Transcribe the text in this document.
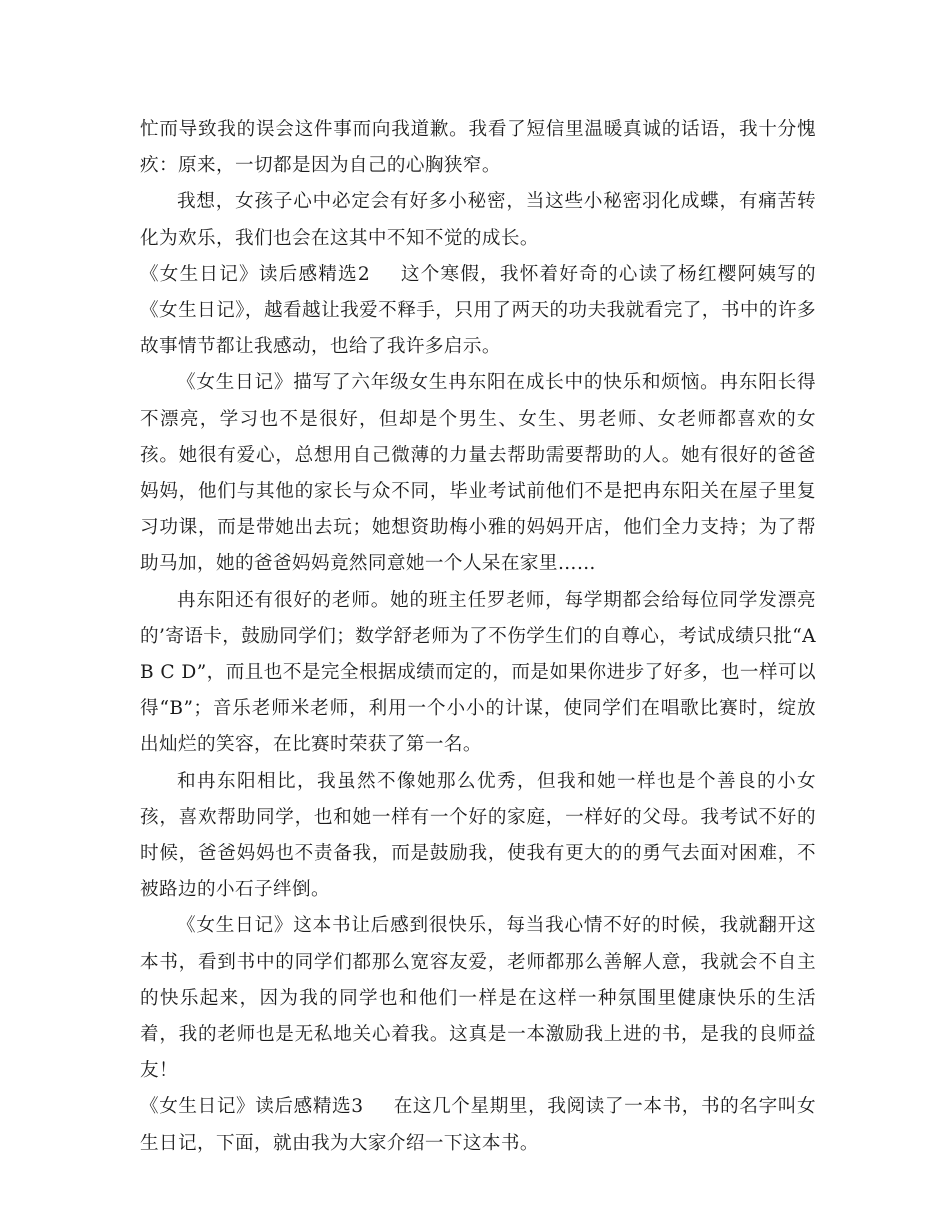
忙而导致我的误会这件事而向我道歉。我看了短信里温暖真诚的话语，我十分愧疚：原来，一切都是因为自己的心胸狭窄。

我想，女孩子心中必定会有好多小秘密，当这些小秘密羽化成蝶，有痛苦转化为欢乐，我们也会在这其中不知不觉的成长。

《女生日记》读后感精选2 这个寒假，我怀着好奇的心读了杨红樱阿姨写的《女生日记》，越看越让我爱不释手，只用了两天的功夫我就看完了，书中的许多故事情节都让我感动，也给了我许多启示。

《女生日记》描写了六年级女生冉东阳在成长中的快乐和烦恼。冉东阳长得不漂亮，学习也不是很好，但却是个男生、女生、男老师、女老师都喜欢的女孩。她很有爱心，总想用自己微薄的力量去帮助需要帮助的人。她有很好的爸爸妈妈，他们与其他的家长与众不同，毕业考试前他们不是把冉东阳关在屋子里复习功课，而是带她出去玩；她想资助梅小雅的妈妈开店，他们全力支持；为了帮助马加，她的爸爸妈妈竟然同意她一个人呆在家里……

冉东阳还有很好的老师。她的班主任罗老师，每学期都会给每位同学发漂亮的’寄语卡，鼓励同学们；数学舒老师为了不伤学生们的自尊心，考试成绩只批“A B C D”，而且也不是完全根据成绩而定的，而是如果你进步了好多，也一样可以得“B”；音乐老师米老师，利用一个小小的计谋，使同学们在唱歌比赛时，绽放出灿烂的笑容，在比赛时荣获了第一名。

和冉东阳相比，我虽然不像她那么优秀，但我和她一样也是个善良的小女孩，喜欢帮助同学，也和她一样有一个好的家庭，一样好的父母。我考试不好的时候，爸爸妈妈也不责备我，而是鼓励我，使我有更大的的勇气去面对困难，不被路边的小石子绊倒。

《女生日记》这本书让后感到很快乐，每当我心情不好的时候，我就翻开这本书，看到书中的同学们都那么宽容友爱，老师都那么善解人意，我就会不自主的快乐起来，因为我的同学也和他们一样是在这样一种氛围里健康快乐的生活着，我的老师也是无私地关心着我。这真是一本激励我上进的书，是我的良师益友！

《女生日记》读后感精选3 在这几个星期里，我阅读了一本书，书的名字叫女生日记，下面，就由我为大家介绍一下这本书。
